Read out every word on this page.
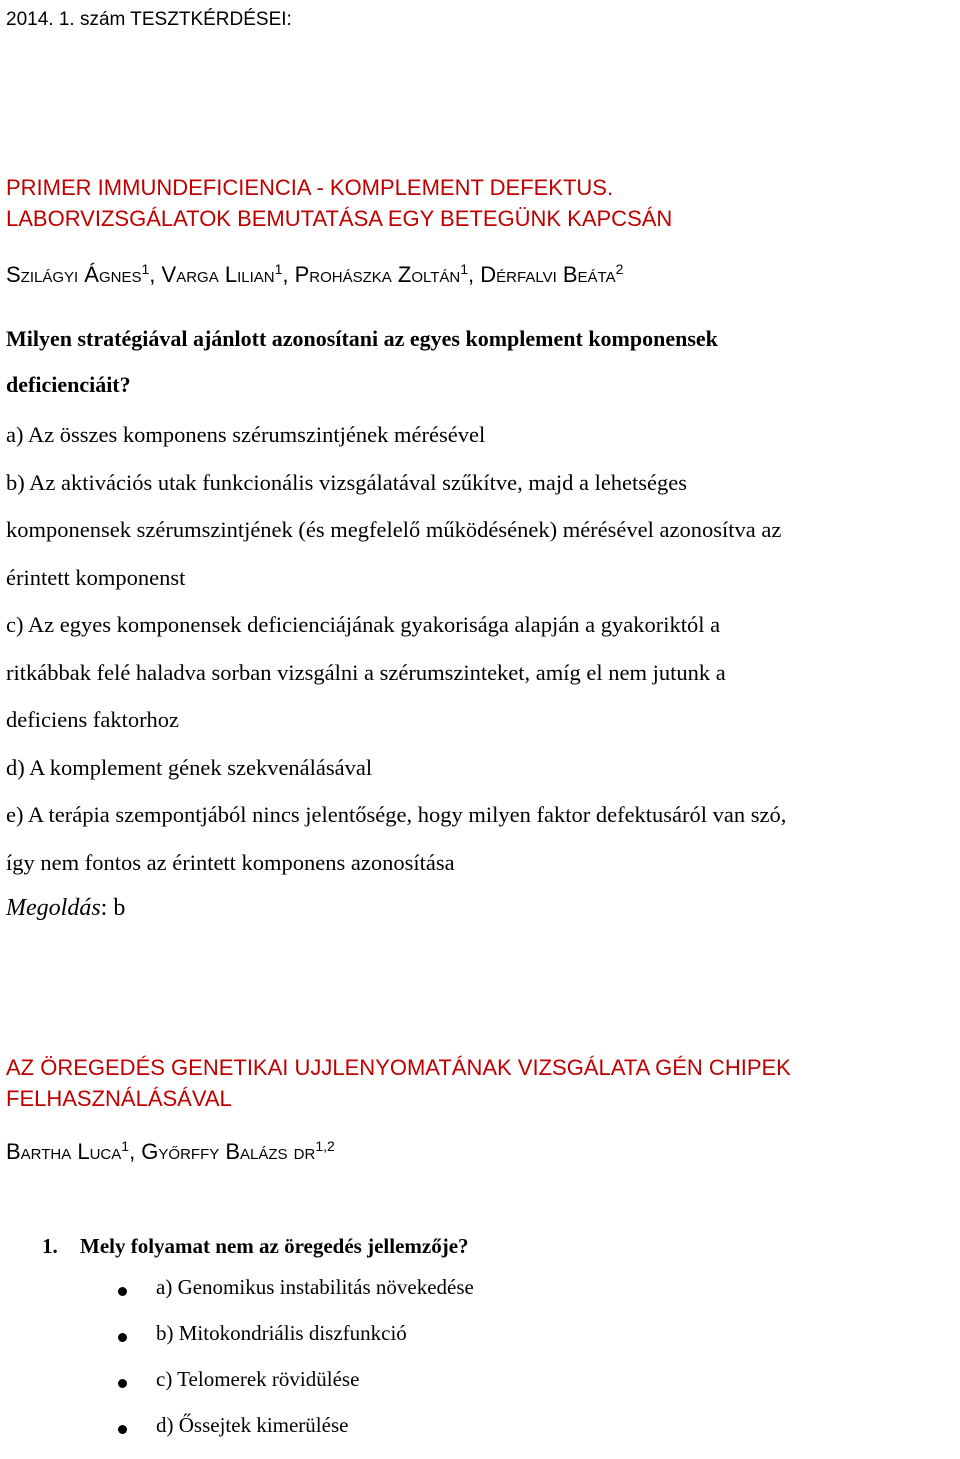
2014. 1. szám TESZTKÉRDÉSEI:
PRIMER IMMUNDEFICIENCIA - KOMPLEMENT DEFEKTUS.
LABORVIZSGÁLATOK BEMUTATÁSA EGY BETEGÜNK KAPCSÁN
Szilágyi Ágnes$^1$, Varga Lilian$^1$, Prohászka Zoltán$^1$, Dérfalvi Beáta$^2$
Milyen stratégiával ajánlott azonosítani az egyes komplement komponensek
deficienciáit?
a) Az összes komponens szérumszintjének mérésével
b) Az aktivációs utak funkcionális vizsgálatával szűkítve, majd a lehetséges
komponensek szérumszintjének (és megfelelő működésének) mérésével azonosítva az
érintett komponenst
c) Az egyes komponensek deficienciájának gyakorisága alapján a gyakoriktól a
ritkábbak felé haladva sorban vizsgálni a szérumszinteket, amíg el nem jutunk a
deficiens faktorhoz
d) A komplement gének szekvenálásával
e) A terápia szempontjából nincs jelentősége, hogy milyen faktor defektusáról van szó,
így nem fontos az érintett komponens azonosítása
Megoldás: b
AZ ÖREGEDÉS GENETIKAI UJJLENYOMATÁNAK VIZSGÁLATA GÉN CHIPEK
FELHASZNÁLÁSÁVAL
Bartha Luca$^1$, Győrffy Balázs dr$^{1,2}$
1. Mely folyamat nem az öregedés jellemzője?
a) Genomikus instabilitás növekedése
b) Mitokondriális diszfunkció
c) Telomerek rövidülése
d) Őssejtek kimerülése
